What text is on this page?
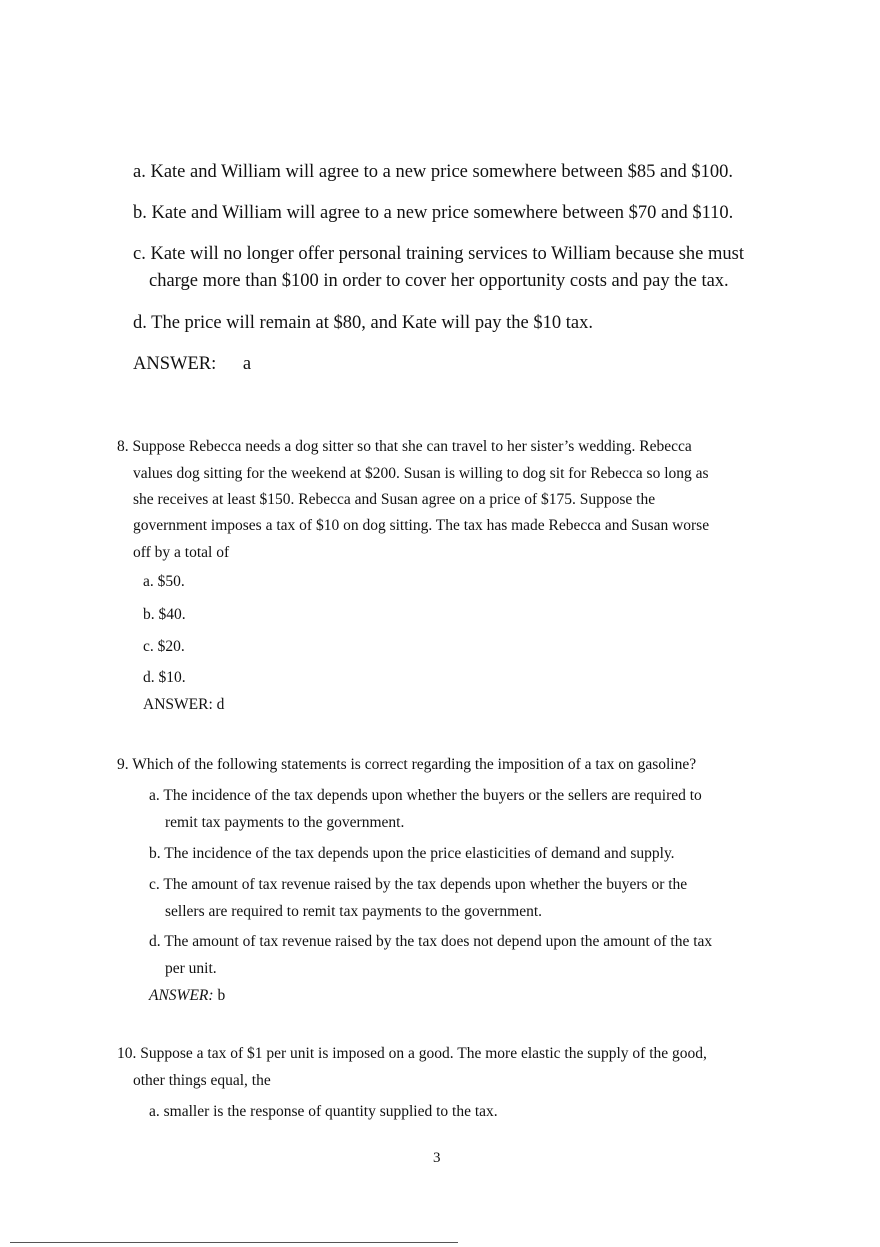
a. Kate and William will agree to a new price somewhere between $85 and $100.
b. Kate and William will agree to a new price somewhere between $70 and $110.
c. Kate will no longer offer personal training services to William because she must
charge more than $100 in order to cover her opportunity costs and pay the tax.
d. The price will remain at $80, and Kate will pay the $10 tax.
ANSWER: a
8. Suppose Rebecca needs a dog sitter so that she can travel to her sister’s wedding. Rebecca
values dog sitting for the weekend at $200. Susan is willing to dog sit for Rebecca so long as
she receives at least $150. Rebecca and Susan agree on a price of $175. Suppose the
government imposes a tax of $10 on dog sitting. The tax has made Rebecca and Susan worse
off by a total of
a. $50.
b. $40.
c. $20.
d. $10.
ANSWER: d
9. Which of the following statements is correct regarding the imposition of a tax on gasoline?
a. The incidence of the tax depends upon whether the buyers or the sellers are required to
remit tax payments to the government.
b. The incidence of the tax depends upon the price elasticities of demand and supply.
c. The amount of tax revenue raised by the tax depends upon whether the buyers or the
sellers are required to remit tax payments to the government.
d. The amount of tax revenue raised by the tax does not depend upon the amount of the tax
per unit.
ANSWER: b
10. Suppose a tax of $1 per unit is imposed on a good. The more elastic the supply of the good,
other things equal, the
a. smaller is the response of quantity supplied to the tax.
3
